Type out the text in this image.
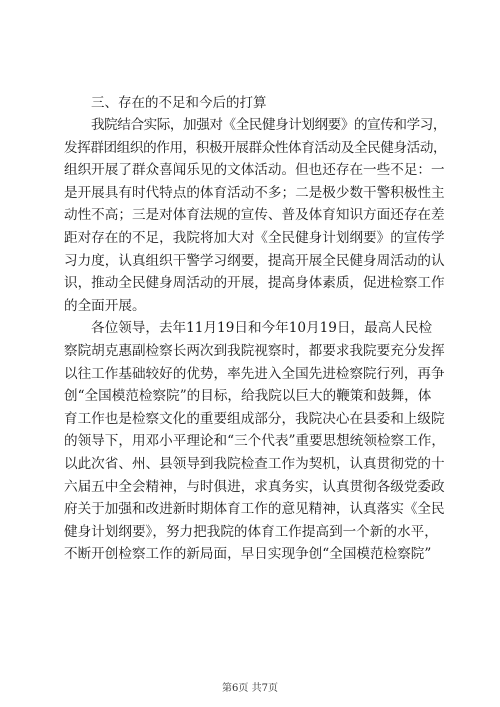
三、存在的不足和今后的打算

我院结合实际，加强对《全民健身计划纲要》的宣传和学习，
发挥群团组织的作用，积极开展群众性体育活动及全民健身活动，
组织开展了群众喜闻乐见的文体活动。但也还存在一些不足：一
是开展具有时代特点的体育活动不多；二是极少数干警积极性主
动性不高；三是对体育法规的宣传、普及体育知识方面还存在差
距对存在的不足，我院将加大对《全民健身计划纲要》的宣传学
习力度，认真组织干警学习纲要，提高开展全民健身周活动的认
识，推动全民健身周活动的开展，提高身体素质，促进检察工作
的全面开展。
各位领导，去年11月19日和今年10月19日，最高人民检
察院胡克惠副检察长两次到我院视察时，都要求我院要充分发挥
以往工作基础较好的优势，率先进入全国先进检察院行列，再争
创“全国模范检察院”的目标，给我院以巨大的鞭策和鼓舞，体
育工作也是检察文化的重要组成部分，我院决心在县委和上级院
的领导下，用邓小平理论和“三个代表”重要思想统领检察工作，
以此次省、州、县领导到我院检查工作为契机，认真贯彻党的十
六届五中全会精神，与时俱进，求真务实，认真贯彻各级党委政
府关于加强和改进新时期体育工作的意见精神，认真落实《全民
健身计划纲要》，努力把我院的体育工作提高到一个新的水平，
不断开创检察工作的新局面，早日实现争创“全国模范检察院”
第6页 共7页
